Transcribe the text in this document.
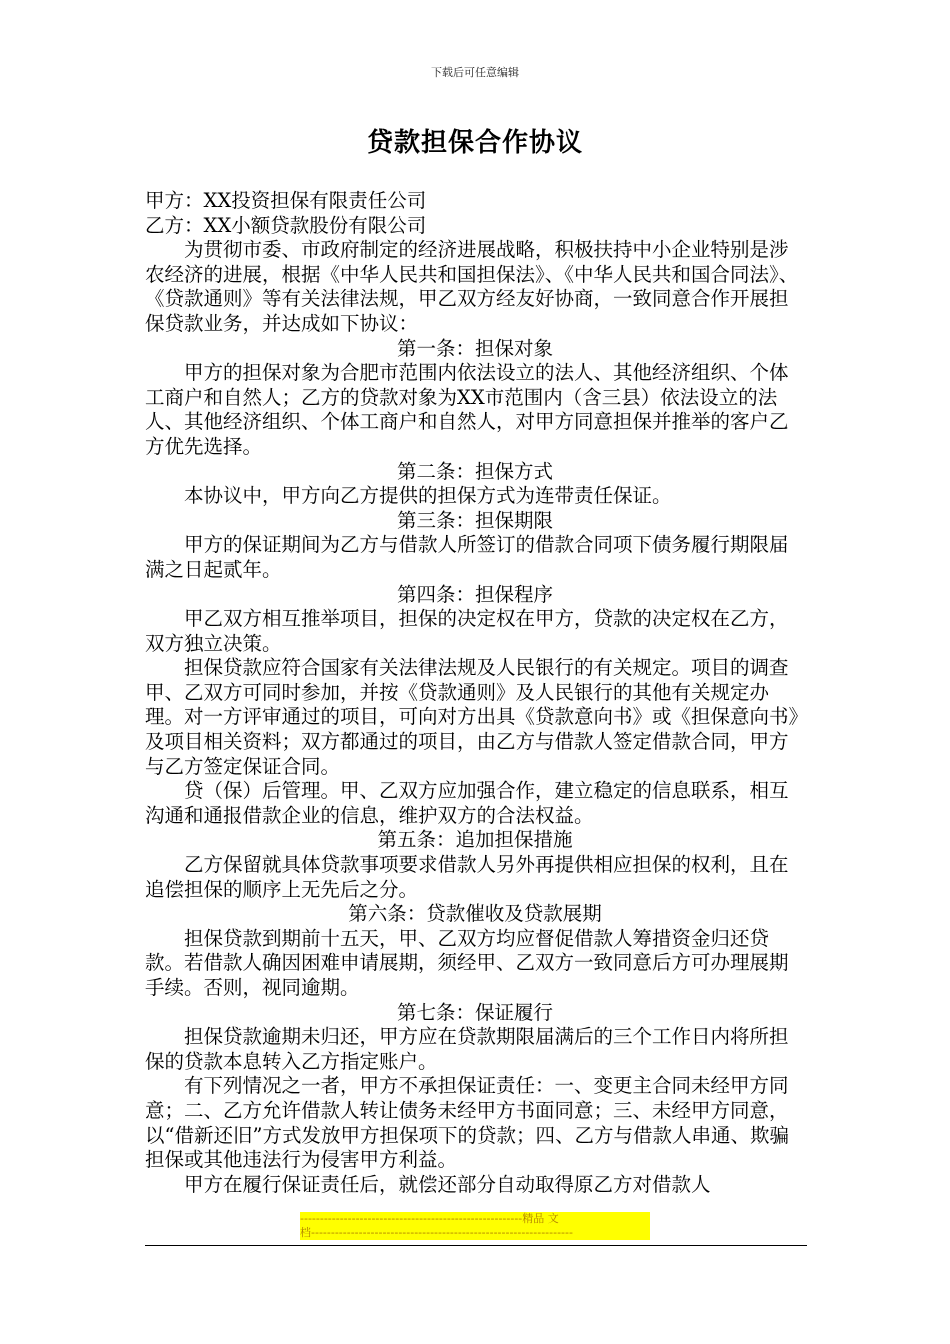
下载后可任意编辑
贷款担保合作协议

甲方：XX投资担保有限责任公司

乙方：XX小额贷款股份有限公司

为贯彻市委、市政府制定的经济进展战略，积极扶持中小企业特别是涉农经济的进展，根据《中华人民共和国担保法》、《中华人民共和国合同法》、《贷款通则》等有关法律法规，甲乙双方经友好协商，一致同意合作开展担保贷款业务，并达成如下协议：

第一条：担保对象

甲方的担保对象为合肥市范围内依法设立的法人、其他经济组织、个体工商户和自然人；乙方的贷款对象为XX市范围内（含三县）依法设立的法人、其他经济组织、个体工商户和自然人，对甲方同意担保并推举的客户乙方优先选择。

第二条：担保方式

本协议中，甲方向乙方提供的担保方式为连带责任保证。

第三条：担保期限

甲方的保证期间为乙方与借款人所签订的借款合同项下债务履行期限届满之日起贰年。

第四条：担保程序

甲乙双方相互推举项目，担保的决定权在甲方，贷款的决定权在乙方，双方独立决策。

担保贷款应符合国家有关法律法规及人民银行的有关规定。项目的调查甲、乙双方可同时参加，并按《贷款通则》及人民银行的其他有关规定办理。对一方评审通过的项目，可向对方出具《贷款意向书》或《担保意向书》及项目相关资料；双方都通过的项目，由乙方与借款人签定借款合同，甲方与乙方签定保证合同。

贷（保）后管理。甲、乙双方应加强合作，建立稳定的信息联系，相互沟通和通报借款企业的信息，维护双方的合法权益。

第五条：追加担保措施

乙方保留就具体贷款事项要求借款人另外再提供相应担保的权利，且在追偿担保的顺序上无先后之分。

第六条：贷款催收及贷款展期

担保贷款到期前十五天，甲、乙双方均应督促借款人筹措资金归还贷款。若借款人确因困难申请展期，须经甲、乙双方一致同意后方可办理展期手续。否则，视同逾期。

第七条：保证履行

担保贷款逾期未归还，甲方应在贷款期限届满后的三个工作日内将所担保的贷款本息转入乙方指定账户。

有下列情况之一者，甲方不承担保证责任：一、变更主合同未经甲方同意；二、乙方允许借款人转让债务未经甲方书面同意；三、未经甲方同意，以“借新还旧”方式发放甲方担保项下的贷款；四、乙方与借款人串通、欺骗担保或其他违法行为侵害甲方利益。

甲方在履行保证责任后，就偿还部分自动取得原乙方对借款人

--------------------------------------------------------精品 文
档------------------------------------------------------------------
